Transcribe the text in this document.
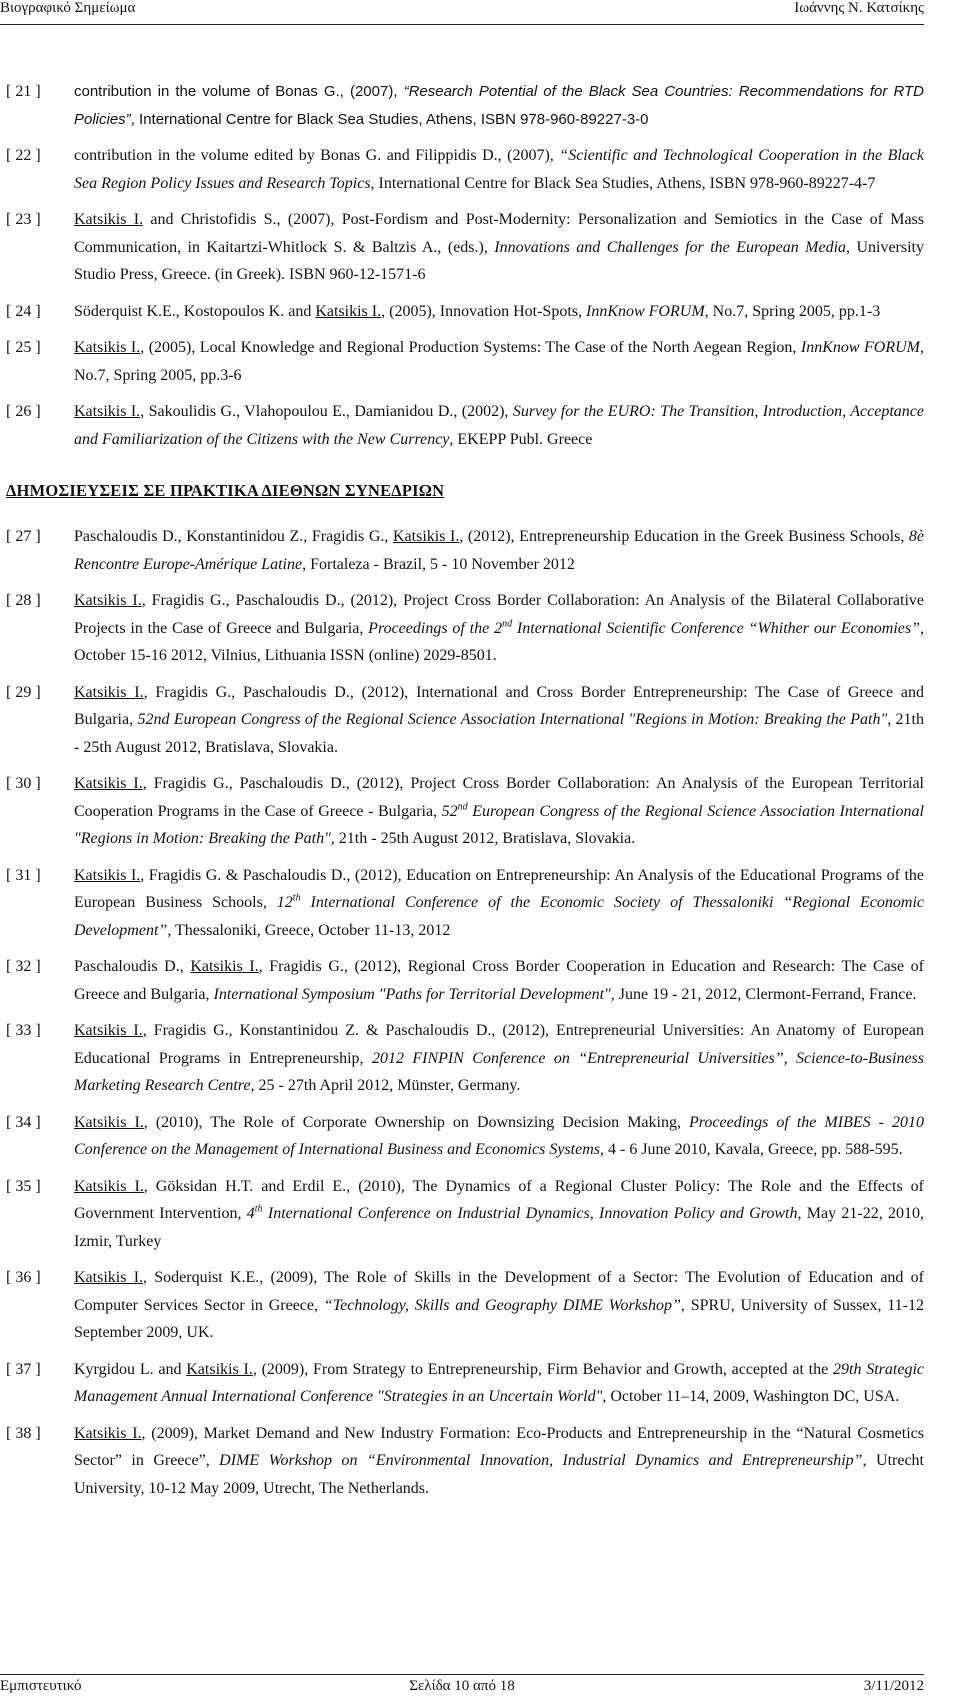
Βιογραφικό Σημείωμα	Ιωάννης Ν. Κατσίκης
[ 21 ]	contribution in the volume of Bonas G., (2007), “Research Potential of the Black Sea Countries: Recommendations for RTD Policies”, International Centre for Black Sea Studies, Athens, ISBN 978-960-89227-3-0
[ 22 ]	contribution in the volume edited by Bonas G. and Filippidis D., (2007), “Scientific and Technological Cooperation in the Black Sea Region Policy Issues and Research Topics, International Centre for Black Sea Studies, Athens, ISBN 978-960-89227-4-7
[ 23 ]	Katsikis I. and Christofidis S., (2007), Post-Fordism and Post-Modernity: Personalization and Semiotics in the Case of Mass Communication, in Kaitartzi-Whitlock S. & Baltzis A., (eds.), Innovations and Challenges for the European Media, University Studio Press, Greece. (in Greek). ISBN 960-12-1571-6
[ 24 ]	Söderquist K.E., Kostopoulos K. and Katsikis I., (2005), Innovation Hot-Spots, InnKnow FORUM, No.7, Spring 2005, pp.1-3
[ 25 ]	Katsikis I., (2005), Local Knowledge and Regional Production Systems: The Case of the North Aegean Region, InnKnow FORUM, No.7, Spring 2005, pp.3-6
[ 26 ]	Katsikis I., Sakoulidis G., Vlahopoulou E., Damianidou D., (2002), Survey for the EURO: The Transition, Introduction, Acceptance and Familiarization of the Citizens with the New Currency, EKEPP Publ. Greece
ΔΗΜΟΣΙΕΥΣΕΙΣ ΣΕ ΠΡΑΚΤΙΚΑ ΔΙΕΘΝΩΝ ΣΥΝΕΔΡΙΩΝ
[ 27 ]	Paschaloudis D., Konstantinidou Z., Fragidis G., Katsikis I., (2012), Entrepreneurship Education in the Greek Business Schools, 8è Rencontre Europe-Amérique Latine, Fortaleza - Brazil, 5 - 10 November 2012
[ 28 ]	Katsikis I., Fragidis G., Paschaloudis D., (2012), Project Cross Border Collaboration: An Analysis of the Bilateral Collaborative Projects in the Case of Greece and Bulgaria, Proceedings of the 2nd International Scientific Conference “Whither our Economies”, October 15-16 2012, Vilnius, Lithuania ISSN (online) 2029-8501.
[ 29 ]	Katsikis I., Fragidis G., Paschaloudis D., (2012), International and Cross Border Entrepreneurship: The Case of Greece and Bulgaria, 52nd European Congress of the Regional Science Association International "Regions in Motion: Breaking the Path", 21th - 25th August 2012, Bratislava, Slovakia.
[ 30 ]	Katsikis I., Fragidis G., Paschaloudis D., (2012), Project Cross Border Collaboration: An Analysis of the European Territorial Cooperation Programs in the Case of Greece - Bulgaria, 52nd European Congress of the Regional Science Association International "Regions in Motion: Breaking the Path", 21th - 25th August 2012, Bratislava, Slovakia.
[ 31 ]	Katsikis I., Fragidis G. & Paschaloudis D., (2012), Education on Entrepreneurship: An Analysis of the Educational Programs of the European Business Schools, 12th International Conference of the Economic Society of Thessaloniki “Regional Economic Development”, Thessaloniki, Greece, October 11-13, 2012
[ 32 ]	Paschaloudis D., Katsikis I., Fragidis G., (2012), Regional Cross Border Cooperation in Education and Research: The Case of Greece and Bulgaria, International Symposium "Paths for Territorial Development", June 19 - 21, 2012, Clermont-Ferrand, France.
[ 33 ]	Katsikis I., Fragidis G., Konstantinidou Z. & Paschaloudis D., (2012), Entrepreneurial Universities: An Anatomy of European Educational Programs in Entrepreneurship, 2012 FINPIN Conference on “Entrepreneurial Universities”, Science-to-Business Marketing Research Centre, 25 - 27th April 2012, Münster, Germany.
[ 34 ]	Katsikis I., (2010), The Role of Corporate Ownership on Downsizing Decision Making, Proceedings of the MIBES - 2010 Conference on the Management of International Business and Economics Systems, 4 - 6 June 2010, Kavala, Greece, pp. 588-595.
[ 35 ]	Katsikis I., Göksidan H.T. and Erdil E., (2010), The Dynamics of a Regional Cluster Policy: The Role and the Effects of Government Intervention, 4th International Conference on Industrial Dynamics, Innovation Policy and Growth, May 21-22, 2010, Izmir, Turkey
[ 36 ]	Katsikis I., Soderquist K.E., (2009), The Role of Skills in the Development of a Sector: The Evolution of Education and of Computer Services Sector in Greece, “Technology, Skills and Geography DIME Workshop”, SPRU, University of Sussex, 11-12 September 2009, UK.
[ 37 ]	Kyrgidou L. and Katsikis I., (2009), From Strategy to Entrepreneurship, Firm Behavior and Growth, accepted at the 29th Strategic Management Annual International Conference "Strategies in an Uncertain World", October 11–14, 2009, Washington DC, USA.
[ 38 ]	Katsikis I., (2009), Market Demand and New Industry Formation: Eco-Products and Entrepreneurship in the “Natural Cosmetics Sector” in Greece”, DIME Workshop on “Environmental Innovation, Industrial Dynamics and Entrepreneurship”, Utrecht University, 10-12 May 2009, Utrecht, The Netherlands.
Εμπιστευτικό	Σελίδα 10 από 18	3/11/2012
